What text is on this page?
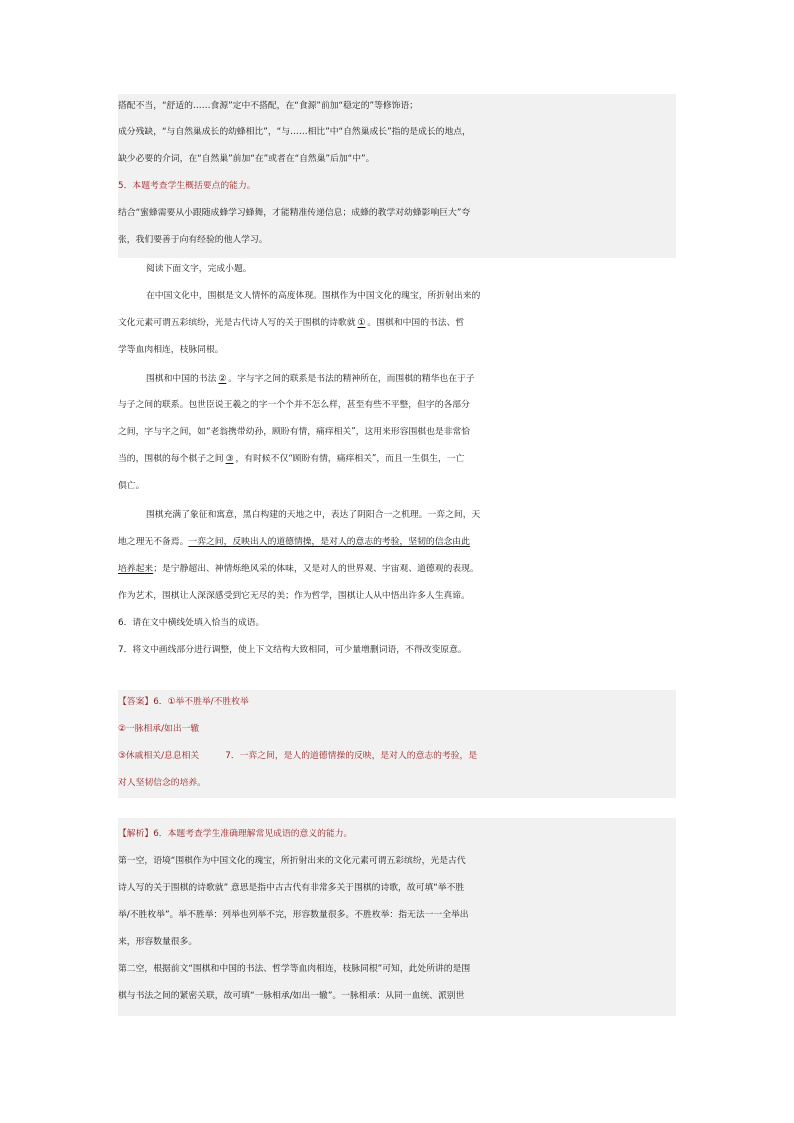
搭配不当，“舒适的……食源”定中不搭配，在“食源”前加“稳定的”等修饰语；
成分残缺，“与自然巢成长的幼蜂相比”，“与……相比”中“自然巢成长”指的是成长的地点，
缺少必要的介词，在“自然巢”前加“在”或者在“自然巢”后加“中”。
5．本题考查学生概括要点的能力。
结合“蜜蜂需要从小跟随成蜂学习蜂舞，才能精准传递信息；成蜂的教学对幼蜂影响巨大”夸
张，我们要善于向有经验的他人学习。
阅读下面文字，完成小题。
在中国文化中，围棋是文人情怀的高度体现。围棋作为中国文化的瑰宝，所折射出来的
文化元素可谓五彩缤纷，光是古代诗人写的关于围棋的诗歌就 ① 。围棋和中国的书法、哲
学等血肉相连，枝脉同根。
围棋和中国的书法 ② 。字与字之间的联系是书法的精神所在，而围棋的精华也在于子
与子之间的联系。包世臣说王羲之的字一个个并不怎么样，甚至有些不平整，但字的各部分
之间，字与字之间，如“老翁携带幼孙，顾盼有情，痛痒相关”，这用来形容围棋也是非常恰
当的，围棋的每个棋子之间 ③ ，有时候不仅“顾盼有情，痛痒相关”，而且一生俱生，一亡
俱亡。
围棋充满了象征和寓意，黑白构建的天地之中，表达了阴阳合一之机理。一弈之间，天
地之理无不备焉。一弈之间，反映出人的道德情操，是对人的意志的考验，坚韧的信念由此
培养起来；是宁静超出、神情烁绝风采的体味，又是对人的世界观、宇宙观、道德观的表现。
作为艺术，围棋让人深深感受到它无尽的美；作为哲学，围棋让人从中悟出许多人生真谛。
6．请在文中横线处填入恰当的成语。
7．将文中画线部分进行调整，使上下文结构大致相同，可少量增删词语，不得改变原意。
【答案】6．①举不胜举/不胜枚举
②一脉相承/如出一辙
③休戚相关/息息相关	7．一弈之间，是人的道德情操的反映，是对人的意志的考验，是
对人坚韧信念的培养。
【解析】6．本题考查学生准确理解常见成语的意义的能力。
第一空，语境“围棋作为中国文化的瑰宝，所折射出来的文化元素可谓五彩缤纷，光是古代
诗人写的关于围棋的诗歌就” 意思是指中古古代有非常多关于围棋的诗歌，故可填“举不胜
举/不胜枚举”。举不胜举：列举也列举不完，形容数量很多。不胜枚举：指无法一一全举出
来，形容数量很多。
第二空，根据前文“围棋和中国的书法、哲学等血肉相连，枝脉同根”可知，此处所讲的是围
棋与书法之间的紧密关联，故可填“一脉相承/如出一辙”。一脉相承：从同一血统、派别世
